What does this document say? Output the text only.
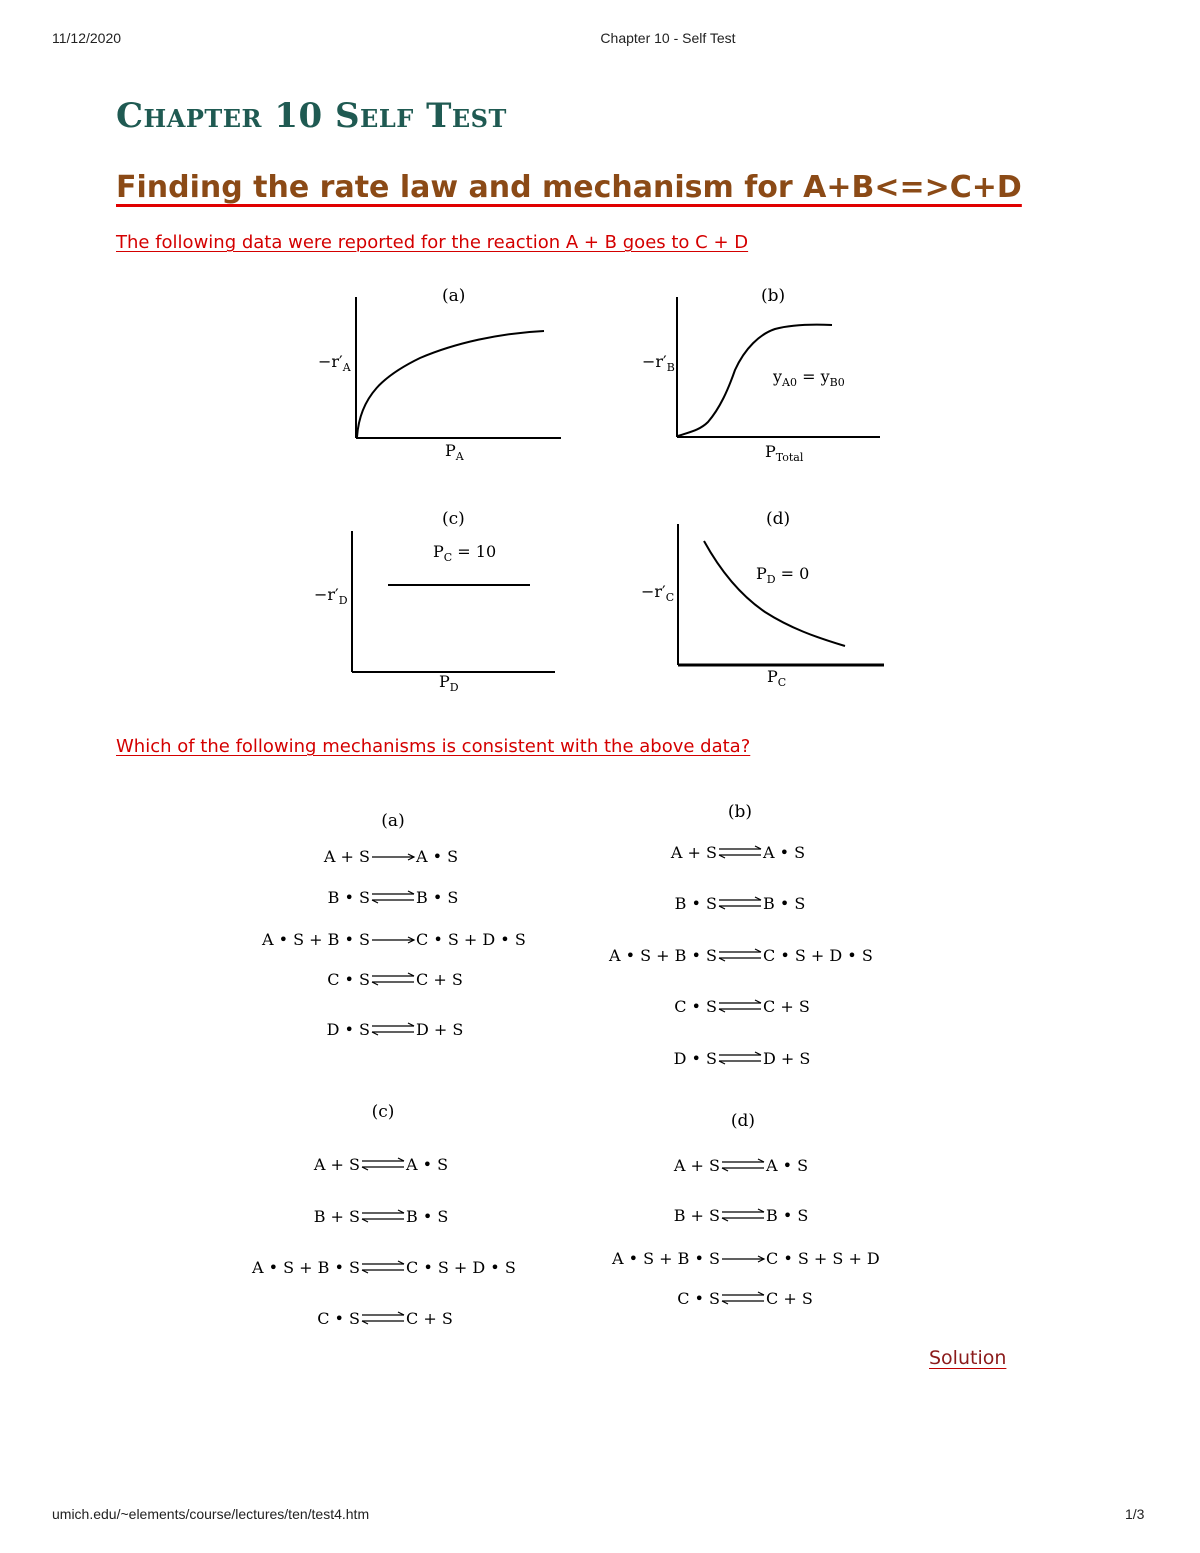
11/12/2020	Chapter 10 - Self Test
Chapter 10 Self Test
Finding the rate law and mechanism for A+B<=>C+D

The following data were reported for the reaction A + B goes to C + D

(a)
$-r'_A$
$P_A$
(b)
$-r'_B$
$P_{Total}$
$y_{A0} = y_{B0}$
(c)
$-r'_D$
$P_D$
$P_C = 10$
(d)
$-r'_C$
$P_C$
$P_D = 0$
(a)
A + S	A • S
B • S	B • S
A • S + B • S	C • S + D • S
C • S	C + S
D • S	D + S
(b)
A + S	A • S
B • S	B • S
A • S + B • S	C • S + D • S
C • S	C + S
D • S	D + S
(c)
A + S	A • S
B + S	B • S
A • S + B • S	C • S + D • S
C • S	C + S
(d)
A + S	A • S
B + S	B • S
A • S + B • S	C • S + S + D
C • S	C + S

Which of the following mechanisms is consistent with the above data?

Solution
umich.edu/~elements/course/lectures/ten/test4.htm	1/3
